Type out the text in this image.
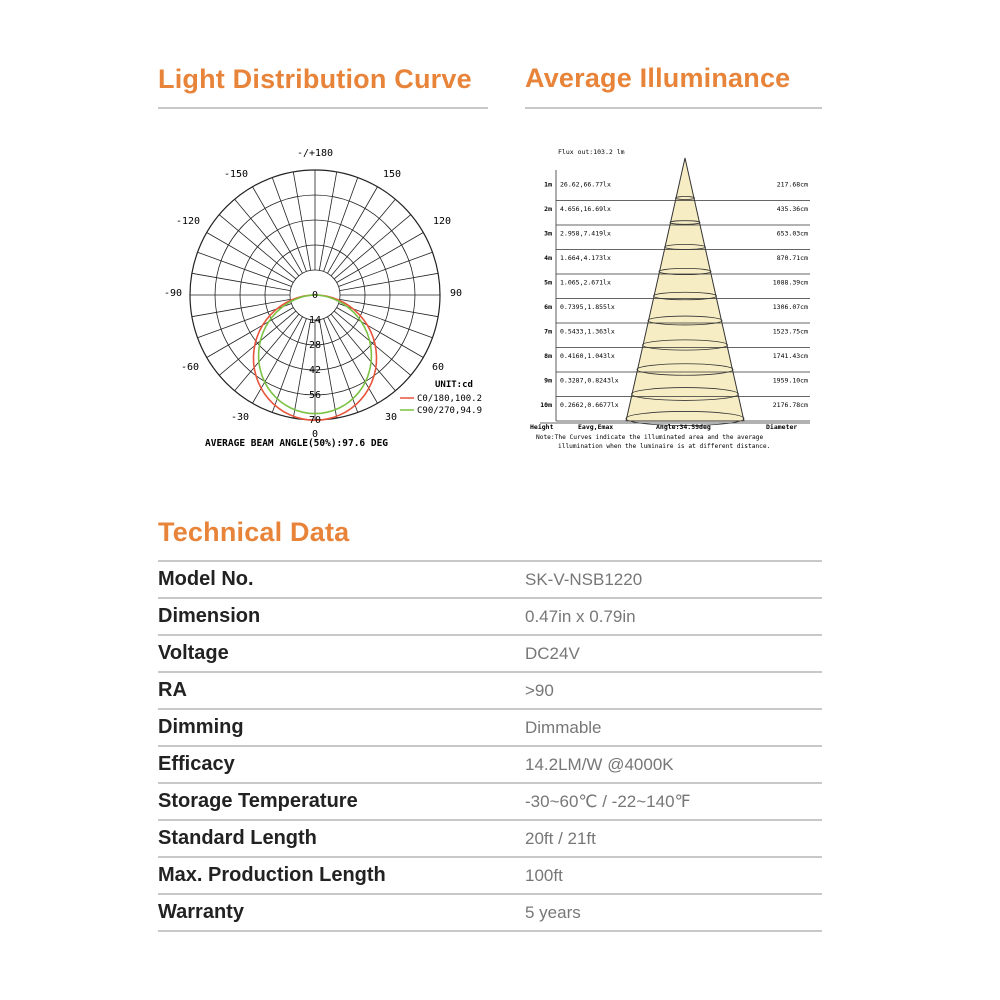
Light Distribution Curve Average Illuminance
-/+180
-150	150
-120	120
-90	90
-60	60
-30	30
0
0
14
28
42
56
70
UNIT:cd
C0/180,100.2
C90/270,94.9
AVERAGE BEAM ANGLE(50%):97.6 DEG
Flux out:103.2 lm
1m 26.62,66.77lx	217.68cm
2m 4.656,16.69lx	435.36cm
3m 2.958,7.419lx	653.03cm
4m 1.664,4.173lx	870.71cm
5m 1.065,2.671lx	1088.39cm
6m 0.7395,1.855lx	1306.07cm
7m 0.5433,1.363lx	1523.75cm
8m 0.4160,1.043lx	1741.43cm
9m 0.3287,0.8243lx	1959.10cm
10m 0.2662,0.6677lx	2176.78cm
Height	Eavg,Emax	Angle:34.59deg	Diameter
Note:The Curves indicate the illuminated area and the average
illumination when the luminaire is at different distance.
Technical Data
Model No.	SK-V-NSB1220
Dimension	0.47in x 0.79in
Voltage	DC24V
RA	>90
Dimming	Dimmable
Efficacy	14.2LM/W @4000K
Storage Temperature	-30~60℃ / -22~140℉
Standard Length	20ft / 21ft
Max. Production Length	100ft
Warranty	5 years
